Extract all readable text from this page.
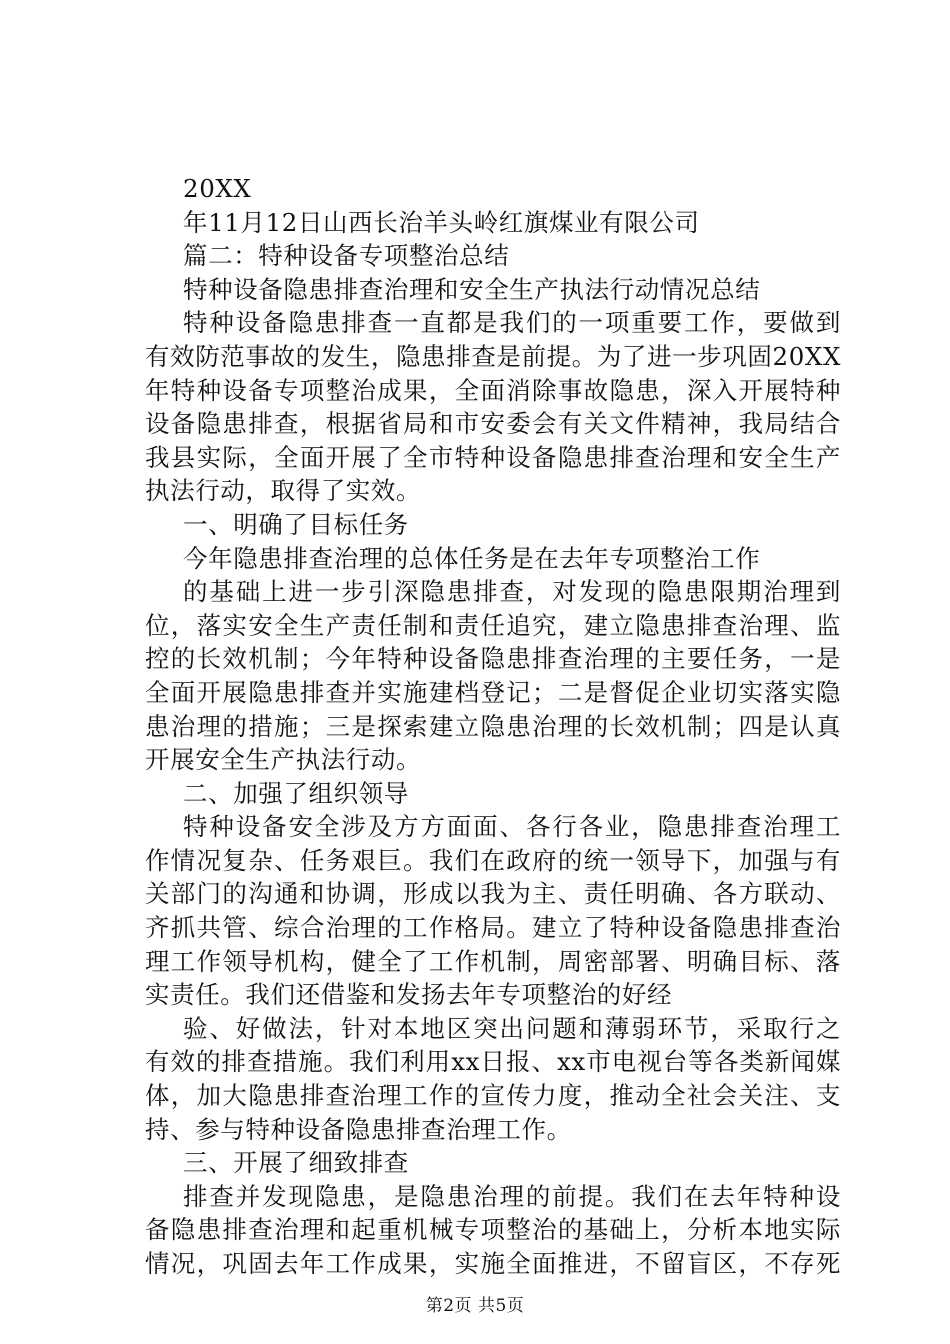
20XX
年11月12日山西长治羊头岭红旗煤业有限公司
篇二：特种设备专项整治总结
特种设备隐患排查治理和安全生产执法行动情况总结
特种设备隐患排查一直都是我们的一项重要工作，要做到
有效防范事故的发生，隐患排查是前提。为了进一步巩固20XX
年特种设备专项整治成果，全面消除事故隐患，深入开展特种
设备隐患排查，根据省局和市安委会有关文件精神，我局结合
我县实际，全面开展了全市特种设备隐患排查治理和安全生产
执法行动，取得了实效。
一、明确了目标任务
今年隐患排查治理的总体任务是在去年专项整治工作
的基础上进一步引深隐患排查，对发现的隐患限期治理到
位，落实安全生产责任制和责任追究，建立隐患排查治理、监
控的长效机制；今年特种设备隐患排查治理的主要任务，一是
全面开展隐患排查并实施建档登记；二是督促企业切实落实隐
患治理的措施；三是探索建立隐患治理的长效机制；四是认真
开展安全生产执法行动。
二、加强了组织领导
特种设备安全涉及方方面面、各行各业，隐患排查治理工
作情况复杂、任务艰巨。我们在政府的统一领导下，加强与有
关部门的沟通和协调，形成以我为主、责任明确、各方联动、
齐抓共管、综合治理的工作格局。建立了特种设备隐患排查治
理工作领导机构，健全了工作机制，周密部署、明确目标、落
实责任。我们还借鉴和发扬去年专项整治的好经
验、好做法，针对本地区突出问题和薄弱环节，采取行之
有效的排查措施。我们利用xx日报、xx市电视台等各类新闻媒
体，加大隐患排查治理工作的宣传力度，推动全社会关注、支
持、参与特种设备隐患排查治理工作。
三、开展了细致排查
排查并发现隐患，是隐患治理的前提。我们在去年特种设
备隐患排查治理和起重机械专项整治的基础上，分析本地实际
情况，巩固去年工作成果，实施全面推进，不留盲区，不存死
第2页 共5页
